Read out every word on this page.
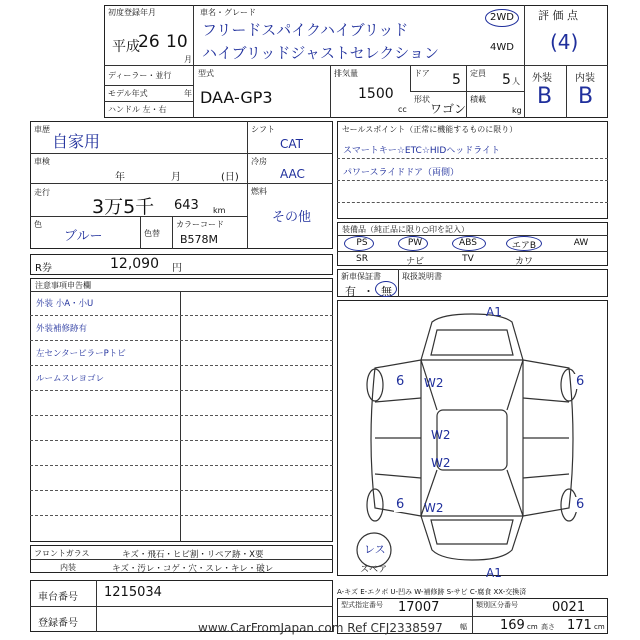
初度登録年月
平成
26 10
月
ディーラー・並行
モデル年式	年
ハンドル 左・右
車名・グレード
フリードスパイクハイブリッド
ハイブリッドジャストセレクション
2WD
4WD
型式
DAA-GP3
排気量
1500
cc
ドア 5 定員 5 人
形状
ワゴン
積載
kg
評 価 点
(4)
外装 内装
B B
車歴
自家用
車検
年	月	(日)
走行
3万5千 643 km
色
ブルー	色替
カラーコード
B578M
シフト
CAT
冷房
AAC
燃料
その他
R券	12,090 円
注意事項申告欄
外装 小A・小U
外装補修跡有
左センターピラーPトビ
ルームスレヨゴレ
セールスポイント（正常に機能するものに限り）
スマートキー☆ETC☆HIDヘッドライト
パワースライドドア（両側）
装備品（純正品に限り○印を記入）
PS	PW	ABS	エアB	AW
SR	ナビ	TV	カワ
新車保証書
有 ・ 無
取扱説明書
A1
6 W2	6
W2
W2
6 W2	6
A1
レス
スペア
A-キズ E-エクボ U-凹み W-補修跡 S-サビ C-腐食 XX-交換済
フロントガラス	キズ・飛石・ヒビ割・リペア跡・X要
内装	キズ・汚レ・コゲ・穴・スレ・キレ・破レ
車台番号 1215034
登録番号
型式指定番号 17007	類別区分番号	0021
幅	169 cm 高さ 171 cm
www.CarFromJapan.com Ref CFJ2338597
